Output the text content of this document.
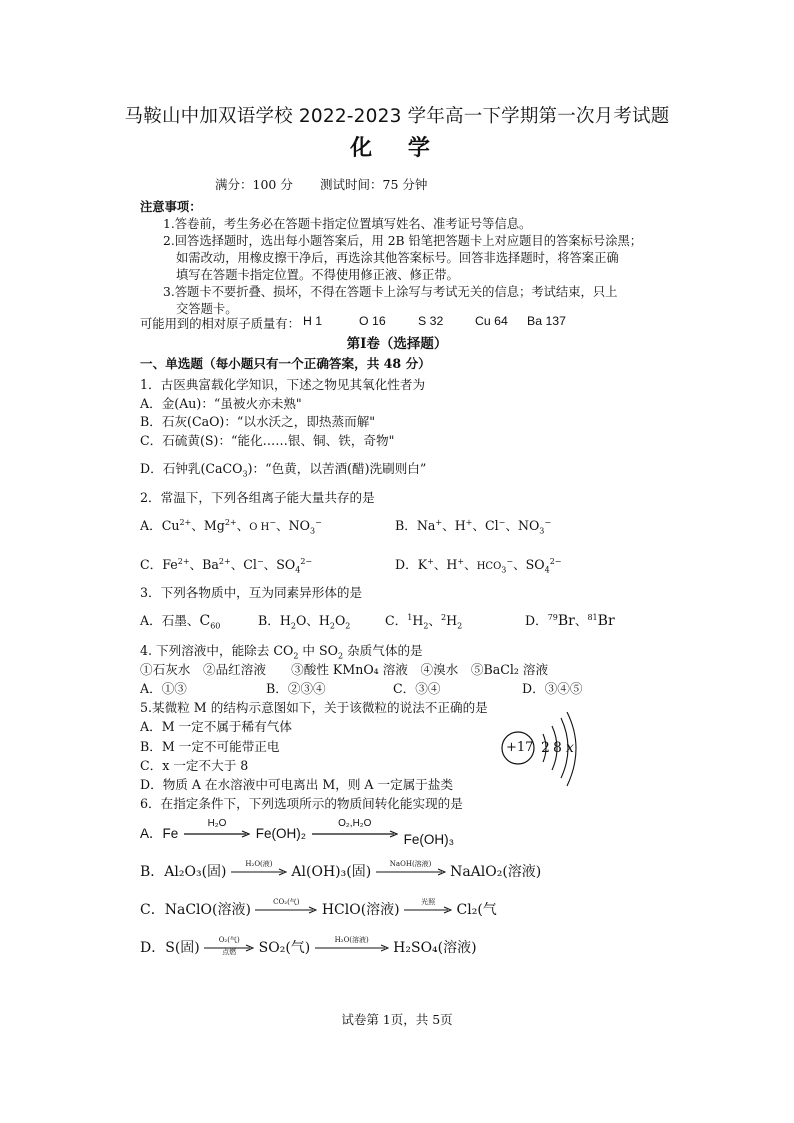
马鞍山中加双语学校 2022-2023 学年高一下学期第一次月考试题
化 学
满分：100 分 测试时间：75 分钟
注意事项：
1.答卷前，考生务必在答题卡指定位置填写姓名、准考证号等信息。
2.回答选择题时，选出每小题答案后，用 2B 铅笔把答题卡上对应题目的答案标号涂黑；
如需改动，用橡皮擦干净后，再选涂其他答案标号。回答非选择题时，将答案正确
填写在答题卡指定位置。不得使用修正液、修正带。
3.答题卡不要折叠、损坏，不得在答题卡上涂写与考试无关的信息；考试结束，只上
交答题卡。
可能用到的相对原子质量有： H 1	O 16	S 32	Cu 64 Ba 137
第Ⅰ卷（选择题）
一、单选题（每小题只有一个正确答案，共 48 分）
1．古医典富载化学知识，下述之物见其氧化性者为
A．金(Au)：“虽被火亦未熟"
B．石灰(CaO)：“以水沃之，即热蒸而解"
C．石硫黄(S)：“能化……银、铜、铁，奇物"
D．石钟乳(CaCO$_3$)：“色黄，以苦酒(醋)洗刷则白”
2．常温下，下列各组离子能大量共存的是
A．$Cu^{2+}$、$Mg^{2+}$、O H−、$NO_3^-$	B．Na+、H+、Cl−、$NO_3^-$
C．$Fe^{2+}$、$Ba^{2+}$、Cl−、$SO_4^{2-}$	D．K+、H+、$HCO_3^-$、$SO_4^{2-}$
3．下列各物质中，互为同素异形体的是
A．石墨、$C_{60}$	B．$H_2O$、$H_2O_2$	C．$^1H_2$、$^2H_2$	D．$^{79}$Br、$^{81}$Br
4. 下列溶液中，能除去 $CO_2$ 中 $SO_2$ 杂质气体的是
①石灰水　②品红溶液　　③酸性 KMnO₄ 溶液　④溴水　⑤BaCl₂ 溶液
A．①③	B．②③④	C．③④	D．③④⑤
5.某微粒 M 的结构示意图如下，关于该微粒的说法不正确的是
A．M 一定不属于稀有气体
B．M 一定不可能带正电
C．x 一定不大于 8
D．物质 A 在水溶液中可电离出 M，则 A 一定属于盐类
+17 2 8 x
6．在指定条件下，下列选项所示的物质间转化能实现的是
A．Fe
H₂O
Fe(OH)₂
O₂,H₂O
Fe(OH)₃
B．Al₂O₃(固)	H₂O(液)	Al(OH)₃(固)	NaOH(溶液)	NaAlO₂(溶液)
C．NaClO(溶液)	CO₂(气)	HClO(溶液)	光照	Cl₂(气
D．S(固)	O₂(气)
点燃	SO₂(气)	H₂O(溶液)	H₂SO₄(溶液)
试卷第 1页，共 5页
